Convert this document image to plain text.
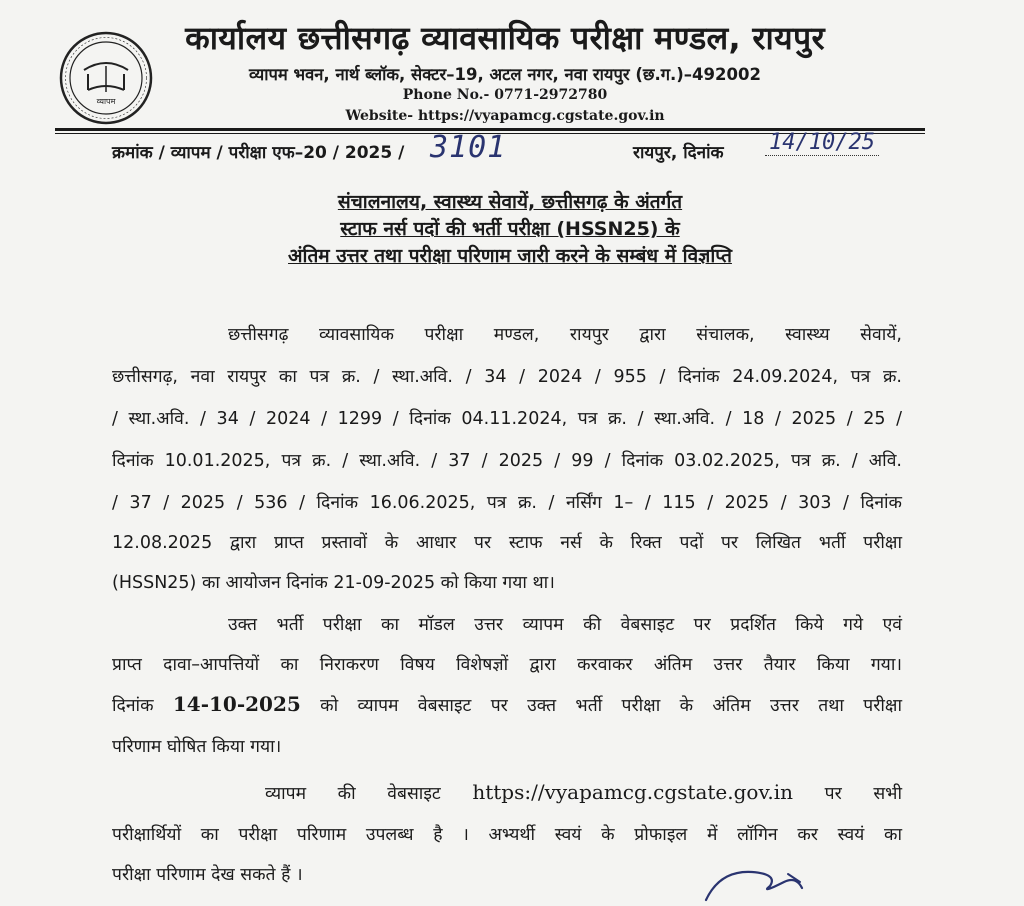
व्यापम
कार्यालय छत्तीसगढ़ व्यावसायिक परीक्षा मण्डल, रायपुर
व्यापम भवन, नार्थ ब्लॉक, सेक्टर–19, अटल नगर, नवा रायपुर (छ.ग.)–492002
Phone No.- 0771-2972780
Website- https://vyapamcg.cgstate.gov.in
क्रमांक / व्यापम / परीक्षा एफ–20 / 2025 / 3101	रायपुर, दिनांक 14/10/25
संचालनालय, स्वास्थ्य सेवायें, छत्तीसगढ़ के अंतर्गत
स्टाफ नर्स पदों की भर्ती परीक्षा (HSSN25) के
अंतिम उत्तर तथा परीक्षा परिणाम जारी करने के सम्बंध में विज्ञप्ति
छत्तीसगढ़ व्यावसायिक परीक्षा मण्डल, रायपुर द्वारा संचालक, स्वास्थ्य सेवायें,
छत्तीसगढ़, नवा रायपुर का पत्र क्र. / स्था.अवि. / 34 / 2024 / 955 / दिनांक 24.09.2024, पत्र क्र.
/ स्था.अवि. / 34 / 2024 / 1299 / दिनांक 04.11.2024, पत्र क्र. / स्था.अवि. / 18 / 2025 / 25 /
दिनांक 10.01.2025, पत्र क्र. / स्था.अवि. / 37 / 2025 / 99 / दिनांक 03.02.2025, पत्र क्र. / अवि.
/ 37 / 2025 / 536 / दिनांक 16.06.2025, पत्र क्र. / नर्सिंग 1– / 115 / 2025 / 303 / दिनांक
12.08.2025 द्वारा प्राप्त प्रस्तावों के आधार पर स्टाफ नर्स के रिक्त पदों पर लिखित भर्ती परीक्षा
(HSSN25) का आयोजन दिनांक 21-09-2025 को किया गया था।
उक्त भर्ती परीक्षा का मॉडल उत्तर व्यापम की वेबसाइट पर प्रदर्शित किये गये एवं
प्राप्त दावा–आपत्तियों का निराकरण विषय विशेषज्ञों द्वारा करवाकर अंतिम उत्तर तैयार किया गया।
दिनांक 14-10-2025 को व्यापम वेबसाइट पर उक्त भर्ती परीक्षा के अंतिम उत्तर तथा परीक्षा
परिणाम घोषित किया गया।
व्यापम की वेबसाइट https://vyapamcg.cgstate.gov.in पर सभी
परीक्षार्थियों का परीक्षा परिणाम उपलब्ध है । अभ्यर्थी स्वयं के प्रोफाइल में लॉगिन कर स्वयं का
परीक्षा परिणाम देख सकते हैं ।
